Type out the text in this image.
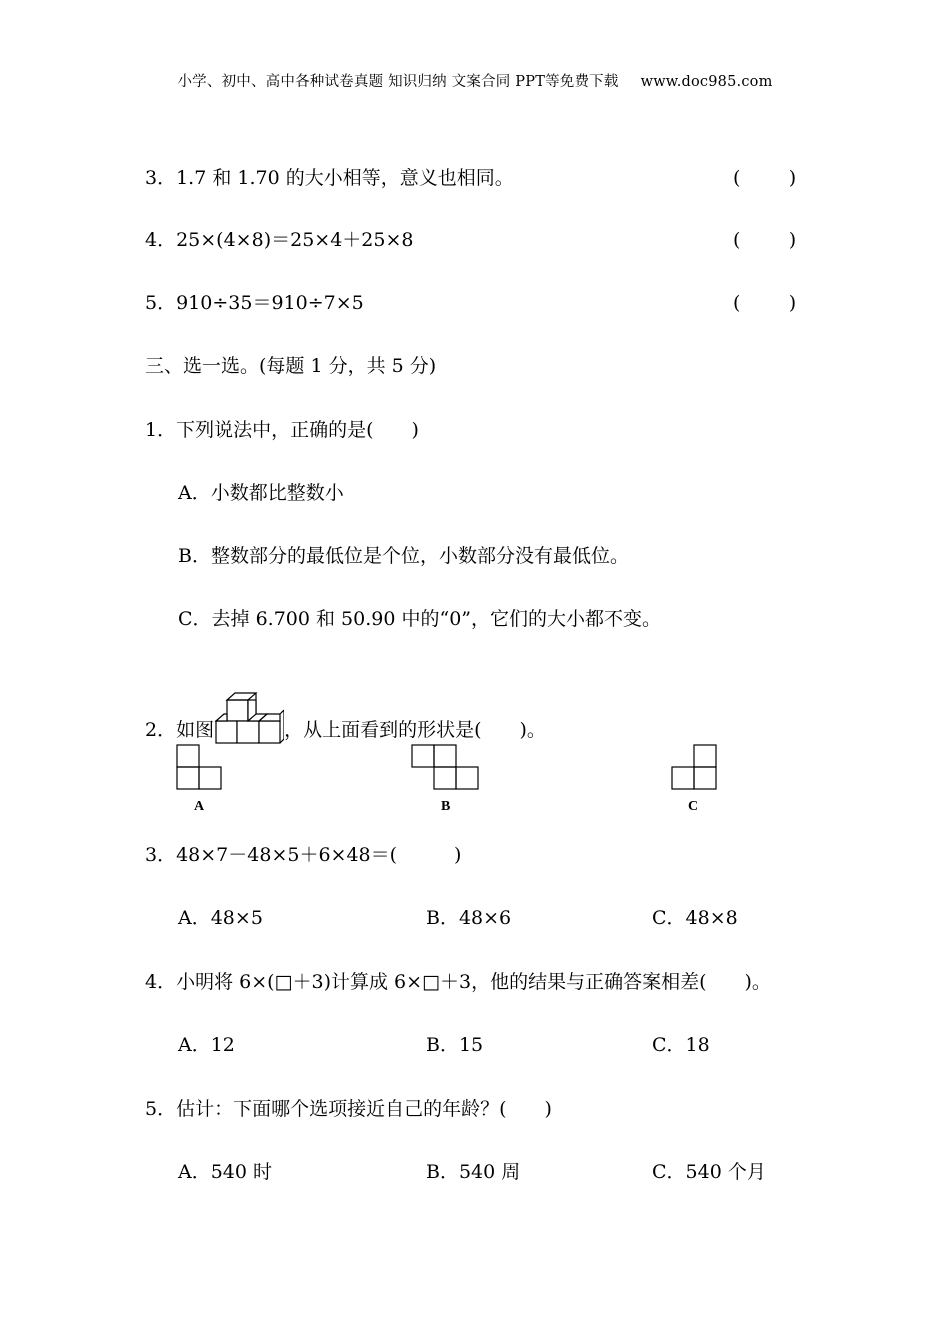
小学、初中、高中各种试卷真题 知识归纳 文案合同 PPT等免费下载 www.doc985.com
3．1.7 和 1.70 的大小相等，意义也相同。	(        )
4．25×(4×8)＝25×4＋25×8	(        )
5．910÷35＝910÷7×5	(        )
三、选一选。(每题 1 分，共 5 分)
1．下列说法中，正确的是(　　)
A．小数都比整数小
B．整数部分的最低位是个位，小数部分没有最低位。
C．去掉 6.700 和 50.90 中的“0”，它们的大小都不变。
2．如图	，从上面看到的形状是(　　)。
A	B	C
3．48×7－48×5＋6×48＝(　　　)
A．48×5	B．48×6	C．48×8
4．小明将 6×(□＋3)计算成 6×□＋3，他的结果与正确答案相差(　　)。
A．12	B．15	C．18
5．估计：下面哪个选项接近自己的年龄？(　　)
A．540 时	B．540 周	C．540 个月
